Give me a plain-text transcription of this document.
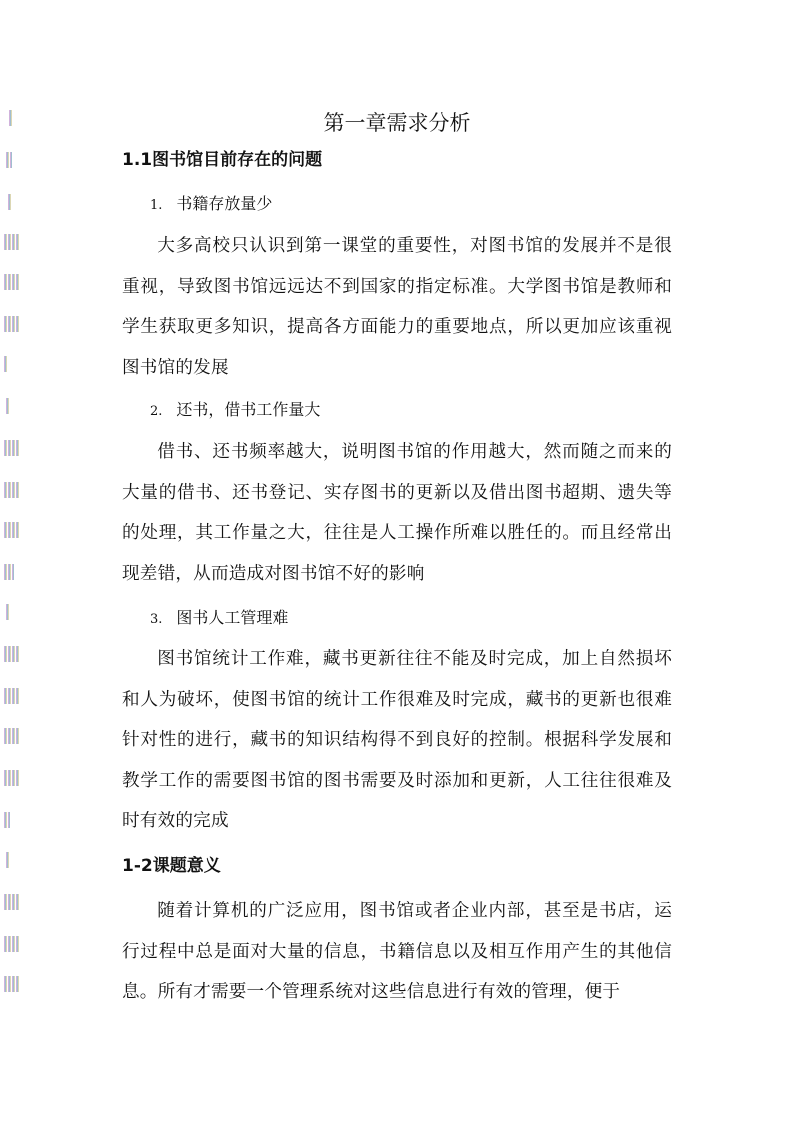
第一章需求分析
1.1图书馆目前存在的问题
1. 书籍存放量少

大多高校只认识到第一课堂的重要性，对图书馆的发展并不是很重视，导致图书馆远远达不到国家的指定标准。大学图书馆是教师和学生获取更多知识，提高各方面能力的重要地点，所以更加应该重视图书馆的发展

2. 还书，借书工作量大

借书、还书频率越大，说明图书馆的作用越大，然而随之而来的大量的借书、还书登记、实存图书的更新以及借出图书超期、遗失等的处理，其工作量之大，往往是人工操作所难以胜任的。而且经常出现差错，从而造成对图书馆不好的影响

3. 图书人工管理难

图书馆统计工作难，藏书更新往往不能及时完成，加上自然损坏和人为破坏，使图书馆的统计工作很难及时完成，藏书的更新也很难针对性的进行，藏书的知识结构得不到良好的控制。根据科学发展和教学工作的需要图书馆的图书需要及时添加和更新，人工往往很难及时有效的完成

1-2课题意义

随着计算机的广泛应用，图书馆或者企业内部，甚至是书店，运行过程中总是面对大量的信息，书籍信息以及相互作用产生的其他信息。所有才需要一个管理系统对这些信息进行有效的管理，便于
